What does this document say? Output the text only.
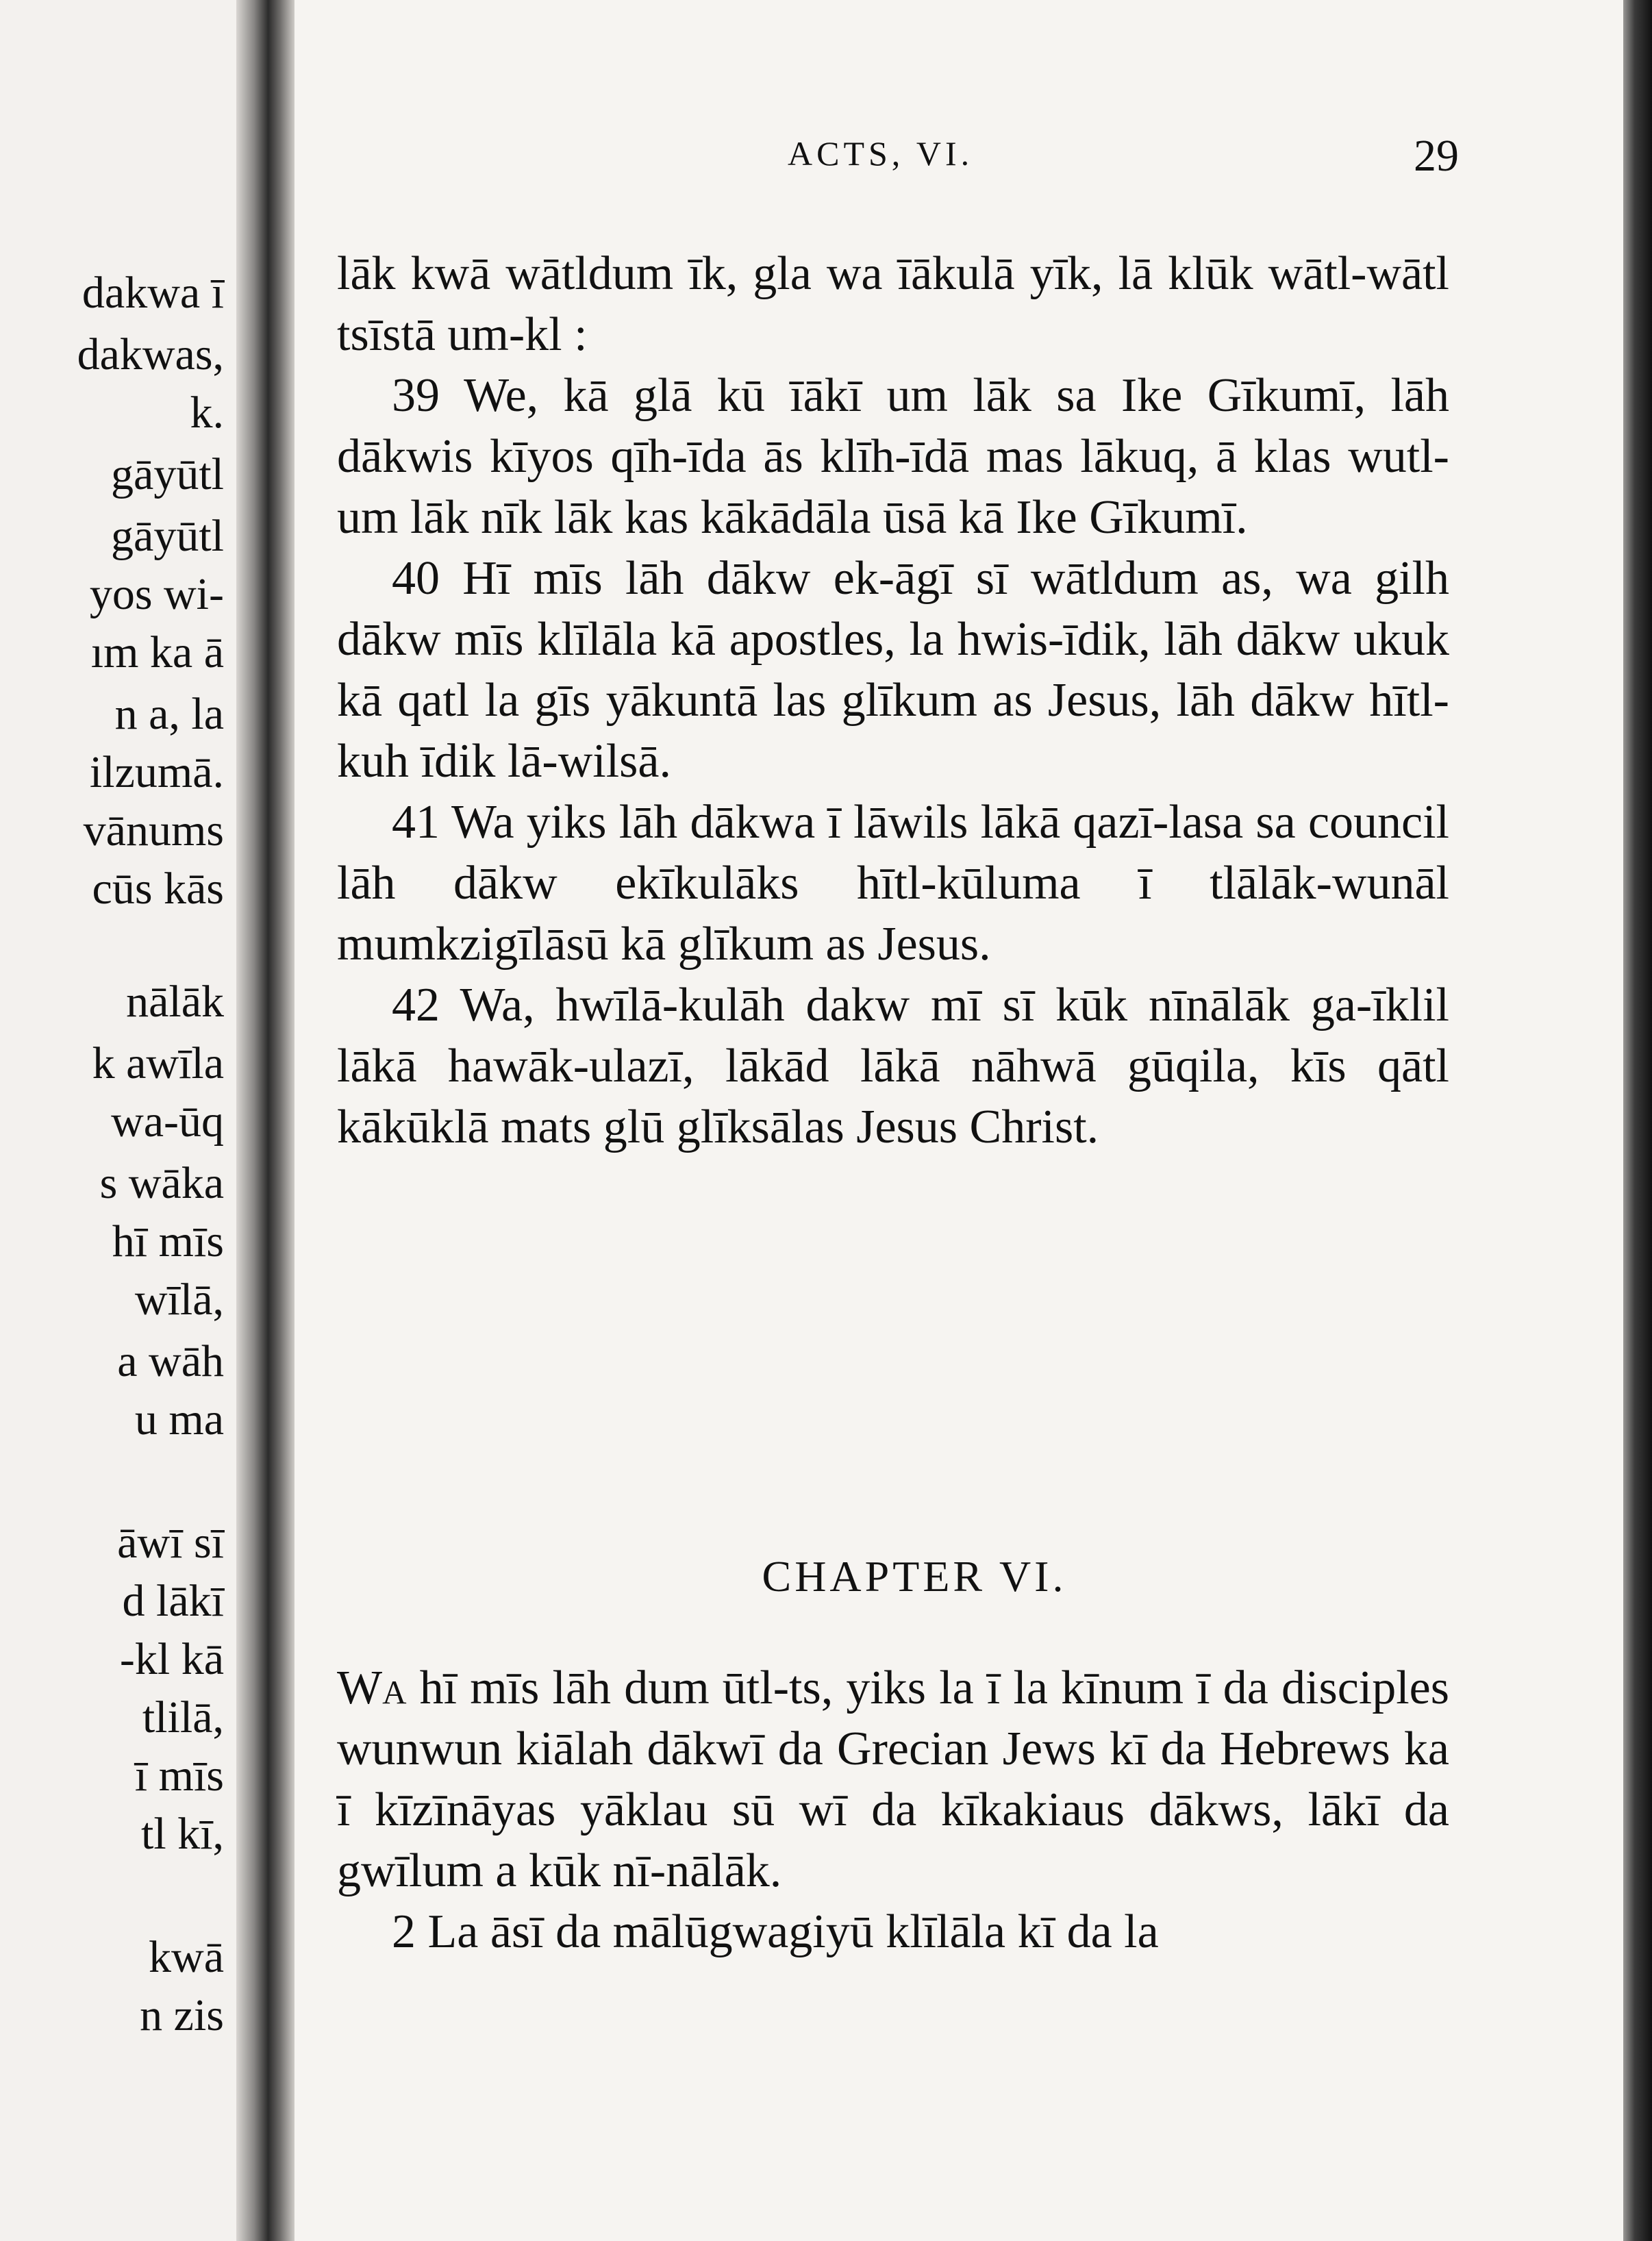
dakwa ī
dakwas,
k.
gāyūtl
gāyūtl
yos wi-
ım ka ā
n a, la
ilzumā.
vānums
cūs kās
nālāk
k awīla
wa-ūq
s wāka
hī mīs
wīlā,
a wāh
u ma
āwī sī
d lākī
-kl kā
tlilā,
ī mīs
tl kī,
kwā
n zis
ACTS, VI.	29

lāk kwā wātldum īk, gla wa īākulā yīk, lā klūk wātl-wātl tsīstā um-kl :

39 We, kā glā kū īākī um lāk sa Ike Gīkumī, lāh dākwis kīyos qīh-īda ās klīh-īdā mas lākuq, ā klas wutl-um lāk nīk lāk kas kākādāla ūsā kā Ike Gīkumī.

40 Hī mīs lāh dākw ek-āgī sī wātldum as, wa gilh dākw mīs klīlāla kā apostles, la hwis-īdik, lāh dākw ukuk kā qatl la gīs yākuntā las glīkum as Jesus, lāh dākw hītl-kuh īdik lā-wilsā.

41 Wa yiks lāh dākwa ī lāwils lākā qazī-lasa sa council lāh dākw ekīkulāks hītl-kūluma ī tlālāk-wunāl mumkzigīlāsū kā glīkum as Jesus.

42 Wa, hwīlā-kulāh dakw mī sī kūk nīnālāk ga-īklil lākā hawāk-ulazī, lākād lākā nāhwā gūqila, kīs qātl kākūklā mats glū glīksālas Jesus Christ.

CHAPTER VI.

Wa hī mīs lāh dum ūtl-ts, yiks la ī la kīnum ī da disciples wunwun kiālah dākwī da Grecian Jews kī da Hebrews ka ī kīzīnāyas yāklau sū wī da kīkakiaus dākws, lākī da gwīlum a kūk nī-nālāk.

2 La āsī da mālūgwagiyū klīlāla kī da la
